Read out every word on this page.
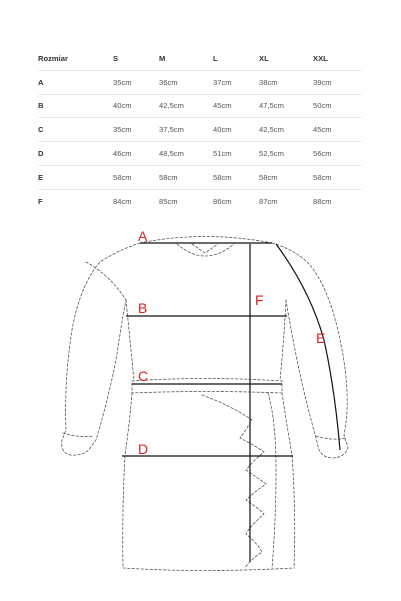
Rozmiar	S	M	L	XL	XXL
A	35cm	36cm	37cm	38cm	39cm
B	40cm	42,5cm	45cm	47,5cm	50cm
C	35cm	37,5cm	40cm	42,5cm	45cm
D	46cm	48,5cm	51cm	52,5cm	56cm
E	58cm	58cm	58cm	58cm	58cm
F	84cm	85cm	86cm	87cm	88cm
A
B
C
D
E
F
